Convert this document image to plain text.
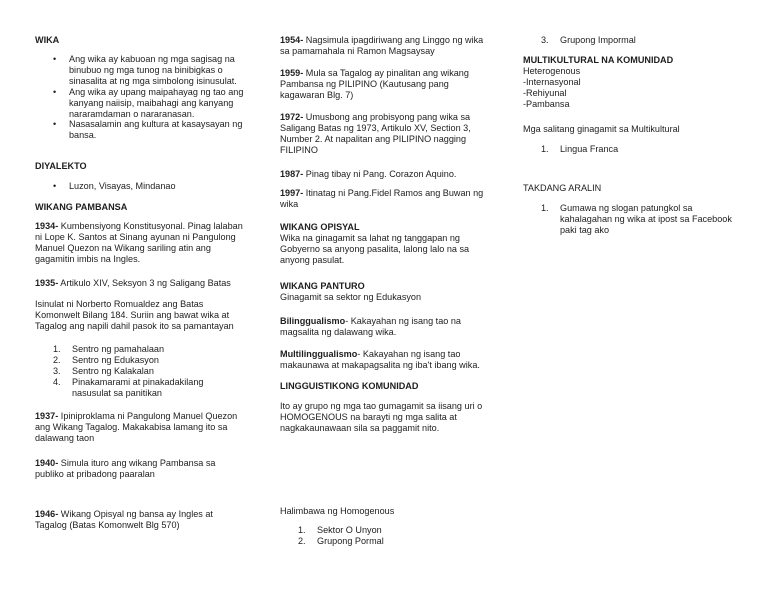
WIKA

• Ang wika ay kabuoan ng mga sagisag na binubuo ng mga tunog na binibigkas o sinasalita at ng mga simbolong isinusulat.
• Ang wika ay upang maipahayag ng tao ang kanyang naiisip, maibahagi ang kanyang nararamdaman o nararanasan.
• Nasasalamin ang kultura at kasaysayan ng bansa.

DIYALEKTO

• Luzon, Visayas, Mindanao

WIKANG PAMBANSA

1934- Kumbensiyong Konstitusyonal. Pinag lalaban ni Lope K. Santos at Sinang ayunan ni Pangulong Manuel Quezon na Wikang sariling atin ang gagamitin imbis na Ingles.

1935- Artikulo XIV, Seksyon 3 ng Saligang Batas

Isinulat ni Norberto Romualdez ang Batas Komonwelt Bilang 184. Suriin ang bawat wika at Tagalog ang napili dahil pasok ito sa pamantayan

1.	Sentro ng pamahalaan
2.	Sentro ng Edukasyon
3.	Sentro ng Kalakalan
4.	Pinakamarami at pinakadakilang nasusulat sa panitikan

1937- Ipiniproklama ni Pangulong Manuel Quezon ang Wikang Tagalog. Makakabisa lamang ito sa dalawang taon

1940- Simula ituro ang wikang Pambansa sa publiko at pribadong paaralan

1946- Wikang Opisyal ng bansa ay Ingles at Tagalog (Batas Komonwelt Blg 570)

1954- Nagsimula ipagdiriwang ang Linggo ng wika sa pamamahala ni Ramon Magsaysay

1959- Mula sa Tagalog ay pinalitan ang wikang Pambansa ng PILIPINO (Kautusang pang kagawaran Blg. 7)

1972- Umusbong ang probisyong pang wika sa Saligang Batas ng 1973, Artikulo XV, Section 3, Number 2. At napalitan ang PILIPINO nagging FILIPINO

1987- Pinag tibay ni Pang. Corazon Aquino.

1997- Itinatag ni Pang.Fidel Ramos ang Buwan ng wika

WIKANG OPISYAL

Wika na ginagamit sa lahat ng tanggapan ng Gobyerno sa anyong pasalita, lalong lalo na sa anyong pasulat.

WIKANG PANTURO

Ginagamit sa sektor ng Edukasyon

Bilinggualismo- Kakayahan ng isang tao na magsalita ng dalawang wika.

Multilinggualismo- Kakayahan ng isang tao makaunawa at makapagsalita ng iba't ibang wika.

LINGGUISTIKONG KOMUNIDAD

Ito ay grupo ng mga tao gumagamit sa iisang uri o HOMOGENOUS na barayti ng mga salita at nagkakaunawaan sila sa paggamit nito.

Halimbawa ng Homogenous

1.	Sektor O Unyon
2.	Grupong Pormal
3.	Grupong Impormal

MULTIKULTURAL NA KOMUNIDAD

Heterogenous
-Internasyonal
-Rehiyunal
-Pambansa

Mga salitang ginagamit sa Multikultural

1.	Lingua Franca

TAKDANG ARALIN

1.	Gumawa ng slogan patungkol sa kahalagahan ng wika at ipost sa Facebook paki tag ako
